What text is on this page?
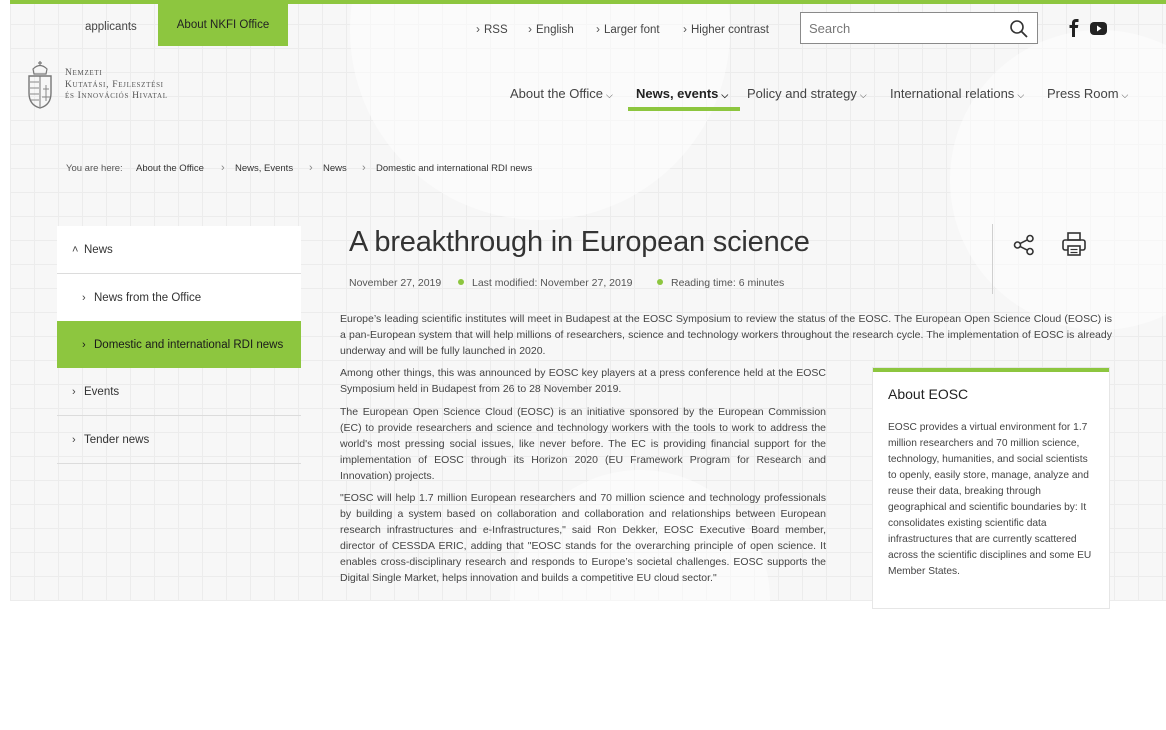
applicants	About NKFI Office	› RSS › English › Larger font › Higher contrast
Search
Nemzeti
Kutatási, Fejlesztési
és Innovációs Hivatal	About the Office ⌵ News, events ⌵ Policy and strategy ⌵ International relations ⌵ Press Room ⌵
You are here: About the Office › News, Events › News › Domestic and international RDI news
˄ News
› News from the Office
› Domestic and international RDI news
› Events
› Tender news
A breakthrough in European science
November 27, 2019	Last modified: November 27, 2019	Reading time: 6 minutes

Europe’s leading scientific institutes will meet in Budapest at the EOSC Symposium to review the status of the EOSC. The European Open Science Cloud (EOSC) is a pan-European system that will help millions of researchers, science and technology workers throughout the research cycle. The implementation of EOSC is already underway and will be fully launched in 2020.

Among other things, this was announced by EOSC key players at a press conference held at the EOSC Symposium held in Budapest from 26 to 28 November 2019.

The European Open Science Cloud (EOSC) is an initiative sponsored by the European Commission (EC) to provide researchers and science and technology workers with the tools to work to address the world's most pressing social issues, like never before. The EC is providing financial support for the implementation of EOSC through its Horizon 2020 (EU Framework Program for Research and Innovation) projects.

"EOSC will help 1.7 million European researchers and 70 million science and technology professionals by building a system based on collaboration and collaboration and relationships between European research infrastructures and e-Infrastructures," said Ron Dekker, EOSC Executive Board member, director of CESSDA ERIC, adding that "EOSC stands for the overarching principle of open science. It enables cross-disciplinary research and responds to Europe’s societal challenges. EOSC supports the Digital Single Market, helps innovation and builds a competitive EU cloud sector."

About EOSC

EOSC provides a virtual environment for 1.7 million researchers and 70 million science, technology, humanities, and social scientists to openly, easily store, manage, analyze and reuse their data, breaking through geographical and scientific boundaries by: It consolidates existing scientific data infrastructures that are currently scattered across the scientific disciplines and some EU Member States.
